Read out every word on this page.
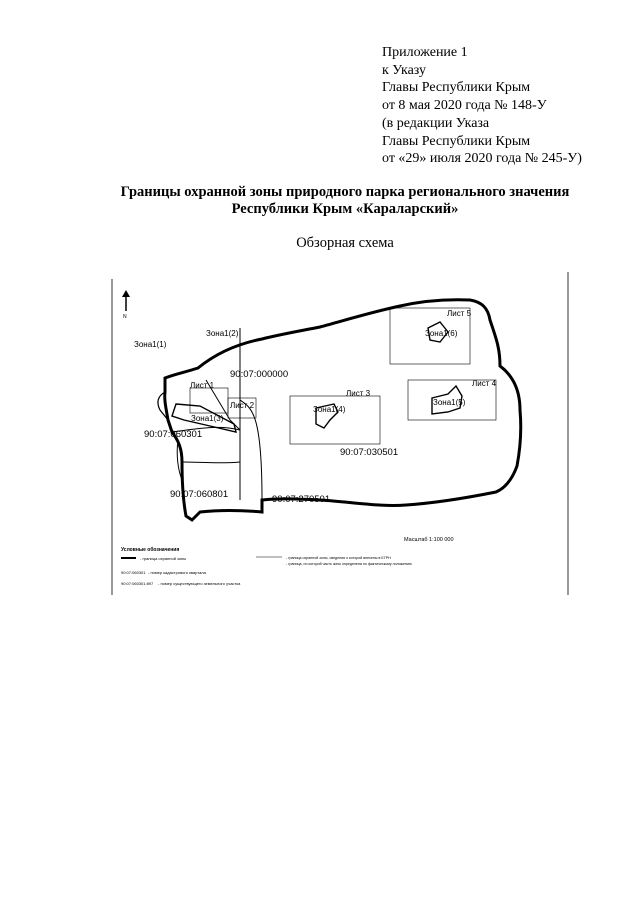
Приложение 1
к Указу
Главы Республики Крым
от 8 мая 2020 года № 148-У
(в редакции Указа
Главы Республики Крым
от «29» июля 2020 года № 245-У)
Границы охранной зоны природного парка регионального значения
Республики Крым «Караларский»
Обзорная схема
N
Зона1(1)
Зона1(2)
Зона1(3)
Зона1(4)
Зона1(5)
Зона1(6)
Лист 1
Лист 2
Лист 3
Лист 4
Лист 5
90:07:000000
90:07:060301
90:07:030501
90:07:060801	90:07:270501
Масштаб 1:100 000
Условные обозначения
- граница охранной зоны	- граница охранной зоны, сведения о которой внесены в ЕГРН
- граница, по которой часть зоны определена по фактическому положению
90:07:060301 - номер кадастрового квартала
90:07:060301:897 - номер существующего земельного участка
